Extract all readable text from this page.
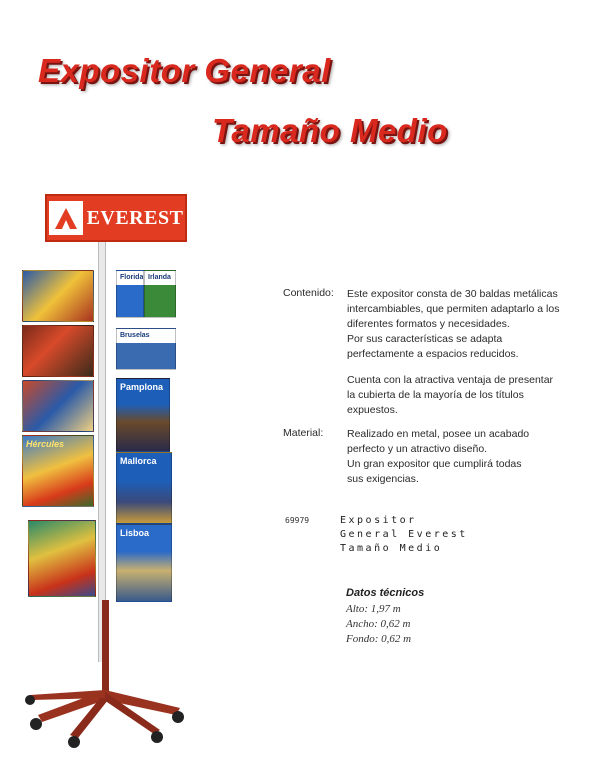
Expositor General
Tamaño Medio
EVEREST
Hércules
Florida Irlanda
Bruselas
Pamplona
Mallorca
Lisboa
Contenido: Este expositor consta de 30 baldas metálicas
intercambiables, que permiten adaptarlo a los
diferentes formatos y necesidades.
Por sus características se adapta
perfectamente a espacios reducidos.
Cuenta con la atractiva ventaja de presentar
la cubierta de la mayoría de los títulos
expuestos.
Material: Realizado en metal, posee un acabado
perfecto y un atractivo diseño.
Un gran expositor que cumplirá todas
sus exigencias.
69979	Expositor
General Everest
Tamaño Medio
Datos técnicos
Alto: 1,97 m
Ancho: 0,62 m
Fondo: 0,62 m
